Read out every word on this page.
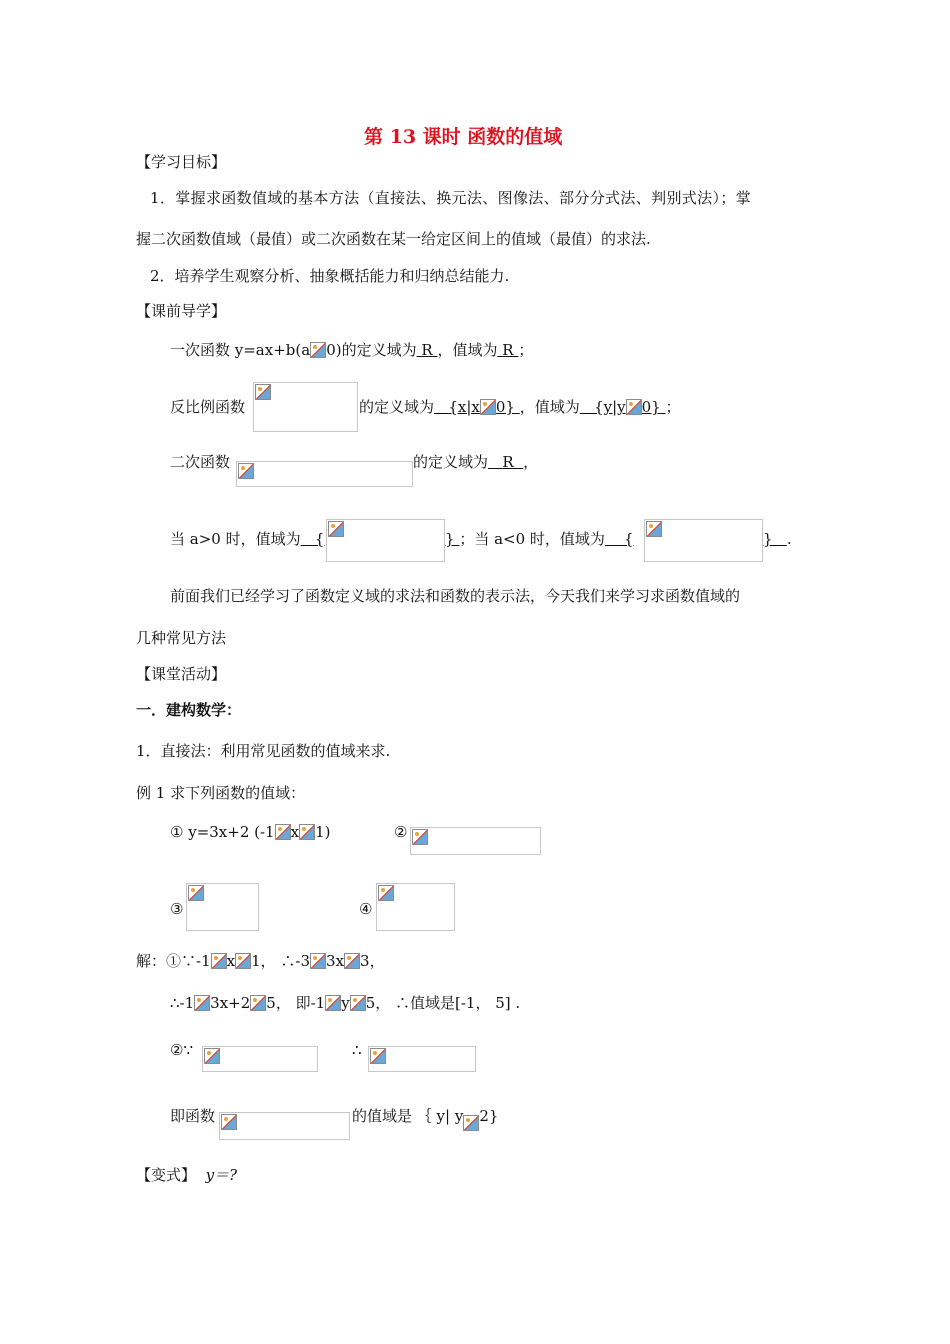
第 13 课时 函数的值域
【学习目标】
1．掌握求函数值域的基本方法（直接法、换元法、图像法、部分分式法、判别式法）；掌
握二次函数值域（最值）或二次函数在某一给定区间上的值域（最值）的求法.
2．培养学生观察分析、抽象概括能力和归纳总结能力.
【课前导学】
一次函数 y=ax+b(a 0)的定义域为 R ，值域为 R ；
反比例函数	的定义域为 {x|x 0} ，值域为 {y|y 0} ；
二次函数	的定义域为 R ，
当 a>0 时，值域为 {	} ；当 a<0 时，值域为 {	} .
前面我们已经学习了函数定义域的求法和函数的表示法，今天我们来学习求函数值域的
几种常见方法
【课堂活动】
一．建构数学：
1．直接法：利用常见函数的值域来求.
例 1 求下列函数的值域：
① y=3x+2 (-1 x 1)	②
③	④
解：①∵-1 x 1， ∴-3 3x 3，
∴-1 3x+2 5， 即-1 y 5， ∴值域是[-1， 5] .
②∵	∴
即函数	的值域是 ｛ y| y 2}
【变式】 y＝?
